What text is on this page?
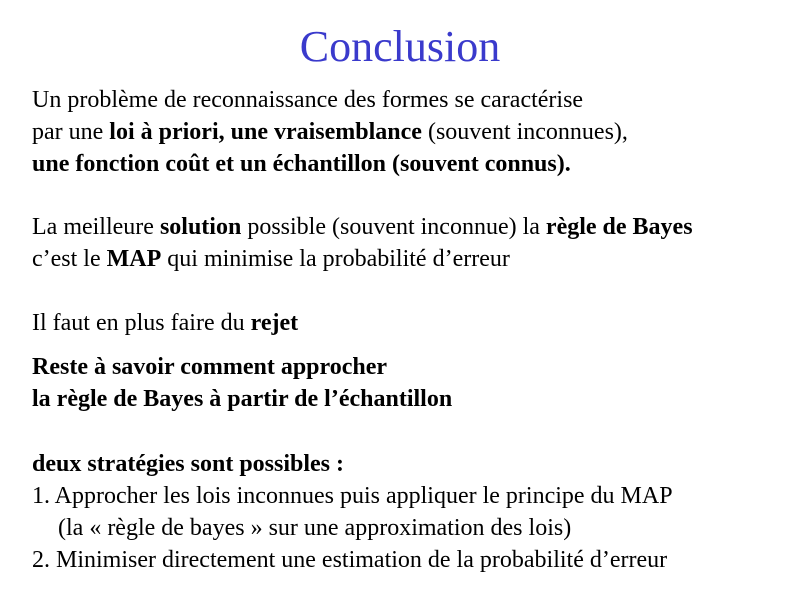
Conclusion
Un problème de reconnaissance des formes se caractérise
par une loi à priori, une vraisemblance (souvent inconnues),
une fonction coût et un échantillon (souvent connus).
La meilleure solution possible (souvent inconnue) la règle de Bayes
c’est le MAP qui minimise la probabilité d’erreur
Il faut en plus faire du rejet
Reste à savoir comment approcher
la règle de Bayes à partir de l’échantillon
deux stratégies sont possibles :
1. Approcher les lois inconnues puis appliquer le principe du MAP
(la « règle de bayes » sur une approximation des lois)
2. Minimiser directement une estimation de la probabilité d’erreur
